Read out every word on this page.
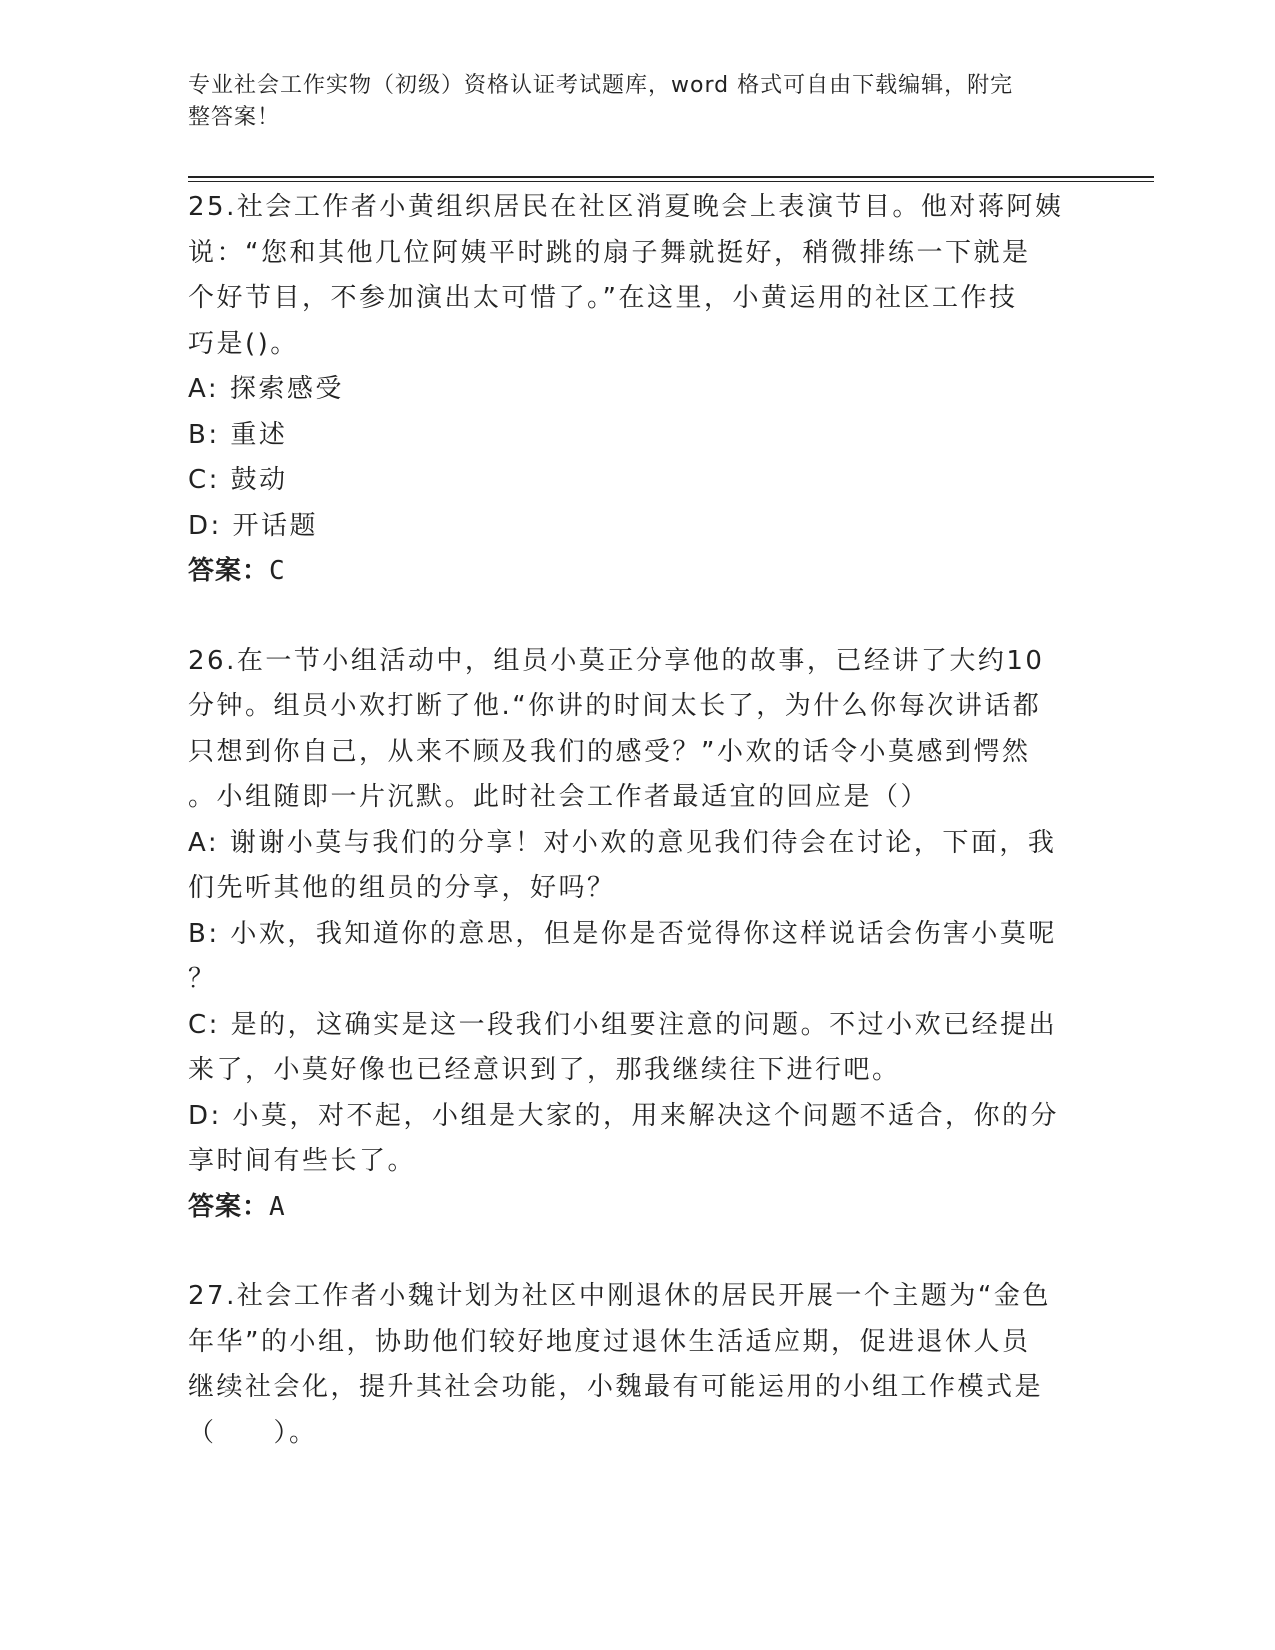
专业社会工作实物（初级）资格认证考试题库，word 格式可自由下载编辑，附完
整答案！
25.社会工作者小黄组织居民在社区消夏晚会上表演节目。他对蒋阿姨
说：“您和其他几位阿姨平时跳的扇子舞就挺好，稍微排练一下就是
个好节目，不参加演出太可惜了。”在这里，小黄运用的社区工作技
巧是()。
A: 探索感受
B: 重述
C: 鼓动
D: 开话题
答案：C
26.在一节小组活动中，组员小莫正分享他的故事，已经讲了大约10
分钟。组员小欢打断了他.“你讲的时间太长了，为什么你每次讲话都
只想到你自己，从来不顾及我们的感受？”小欢的话令小莫感到愕然
。小组随即一片沉默。此时社会工作者最适宜的回应是（）
A: 谢谢小莫与我们的分享！对小欢的意见我们待会在讨论，下面，我
们先听其他的组员的分享，好吗？
B: 小欢，我知道你的意思，但是你是否觉得你这样说话会伤害小莫呢
？
C: 是的，这确实是这一段我们小组要注意的问题。不过小欢已经提出
来了，小莫好像也已经意识到了，那我继续往下进行吧。
D: 小莫，对不起，小组是大家的，用来解决这个问题不适合，你的分
享时间有些长了。
答案：A
27.社会工作者小魏计划为社区中刚退休的居民开展一个主题为“金色
年华”的小组，协助他们较好地度过退休生活适应期，促进退休人员
继续社会化，提升其社会功能，小魏最有可能运用的小组工作模式是
（　　）。
